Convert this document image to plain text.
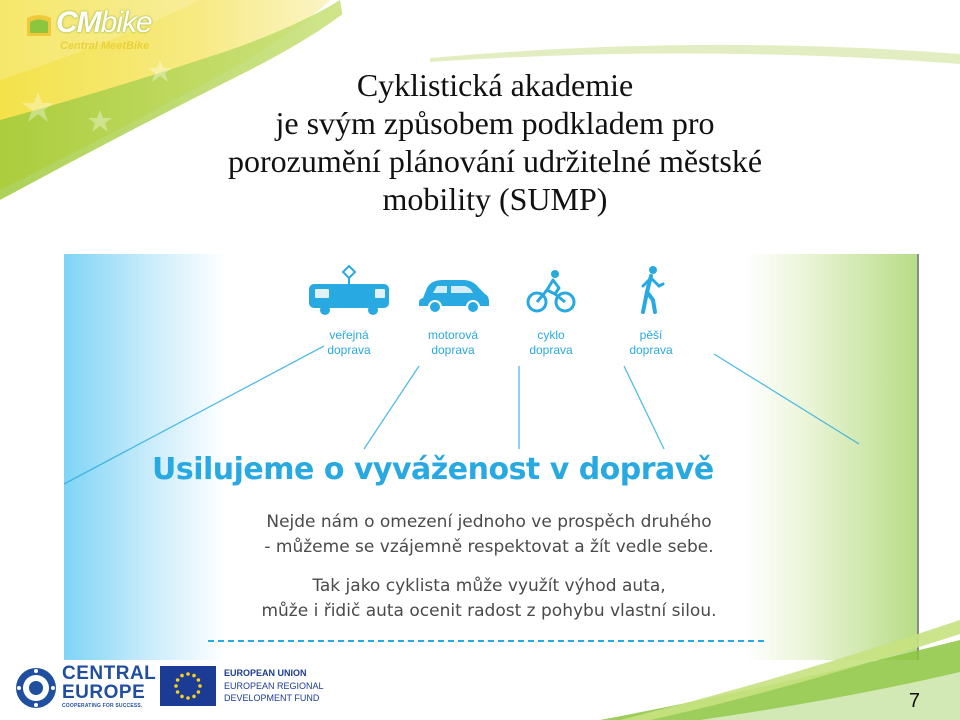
CMbike
Central MeetBike
Cyklistická akademie
je svým způsobem podkladem pro
porozumění plánování udržitelné městské
mobility (SUMP)
veřejná
doprava
motorová
doprava
cyklo
doprava
pěší
doprava
Usilujeme o vyváženost v dopravě
Nejde nám o omezení jednoho ve prospěch druhého
- můžeme se vzájemně respektovat a žít vedle sebe.
Tak jako cyklista může využít výhod auta,
může i řidič auta ocenit radost z pohybu vlastní silou.
CENTRAL
EUROPE
COOPERATING FOR SUCCESS.
EUROPEAN UNION
EUROPEAN REGIONAL
DEVELOPMENT FUND	7
